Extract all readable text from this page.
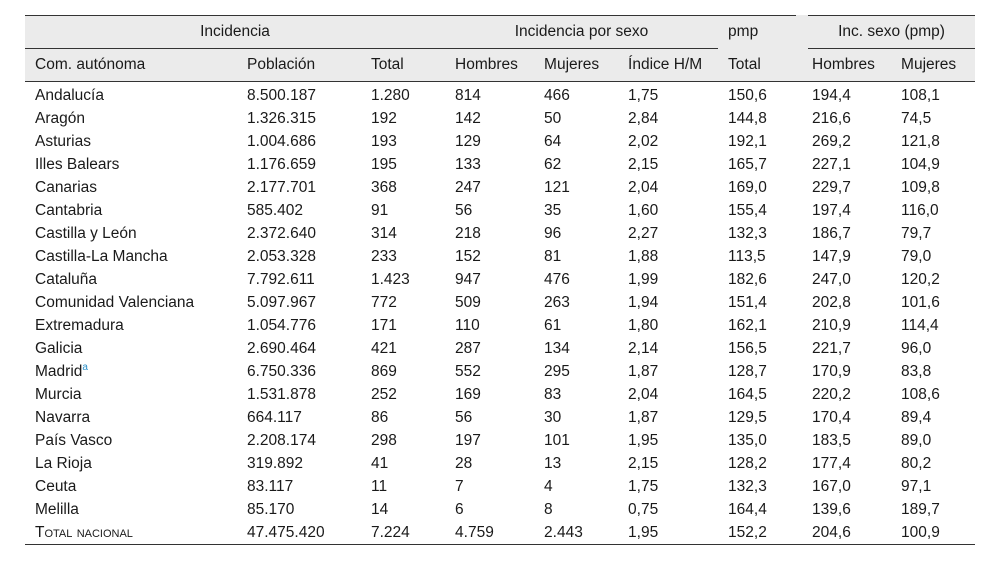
Incidencia			Incidencia por sexo			pmp	Inc. sexo (pmp)	
Com. autónoma	Población	Total	Hombres	Mujeres	Índice H/M	Total	Hombres	Mujeres
Andalucía	8.500.187	1.280	814	466	1,75	150,6	194,4	108,1
Aragón	1.326.315	192	142	50	2,84	144,8	216,6	74,5
Asturias	1.004.686	193	129	64	2,02	192,1	269,2	121,8
Illes Balears	1.176.659	195	133	62	2,15	165,7	227,1	104,9
Canarias	2.177.701	368	247	121	2,04	169,0	229,7	109,8
Cantabria	585.402	91	56	35	1,60	155,4	197,4	116,0
Castilla y León	2.372.640	314	218	96	2,27	132,3	186,7	79,7
Castilla-La Mancha	2.053.328	233	152	81	1,88	113,5	147,9	79,0
Cataluña	7.792.611	1.423	947	476	1,99	182,6	247,0	120,2
Comunidad Valenciana	5.097.967	772	509	263	1,94	151,4	202,8	101,6
Extremadura	1.054.776	171	110	61	1,80	162,1	210,9	114,4
Galicia	2.690.464	421	287	134	2,14	156,5	221,7	96,0
Madrid$^a$	6.750.336	869	552	295	1,87	128,7	170,9	83,8
Murcia	1.531.878	252	169	83	2,04	164,5	220,2	108,6
Navarra	664.117	86	56	30	1,87	129,5	170,4	89,4
País Vasco	2.208.174	298	197	101	1,95	135,0	183,5	89,0
La Rioja	319.892	41	28	13	2,15	128,2	177,4	80,2
Ceuta	83.117	11	7	4	1,75	132,3	167,0	97,1
Melilla	85.170	14	6	8	0,75	164,4	139,6	189,7
Total nacional	47.475.420	7.224	4.759	2.443	1,95	152,2	204,6	100,9
